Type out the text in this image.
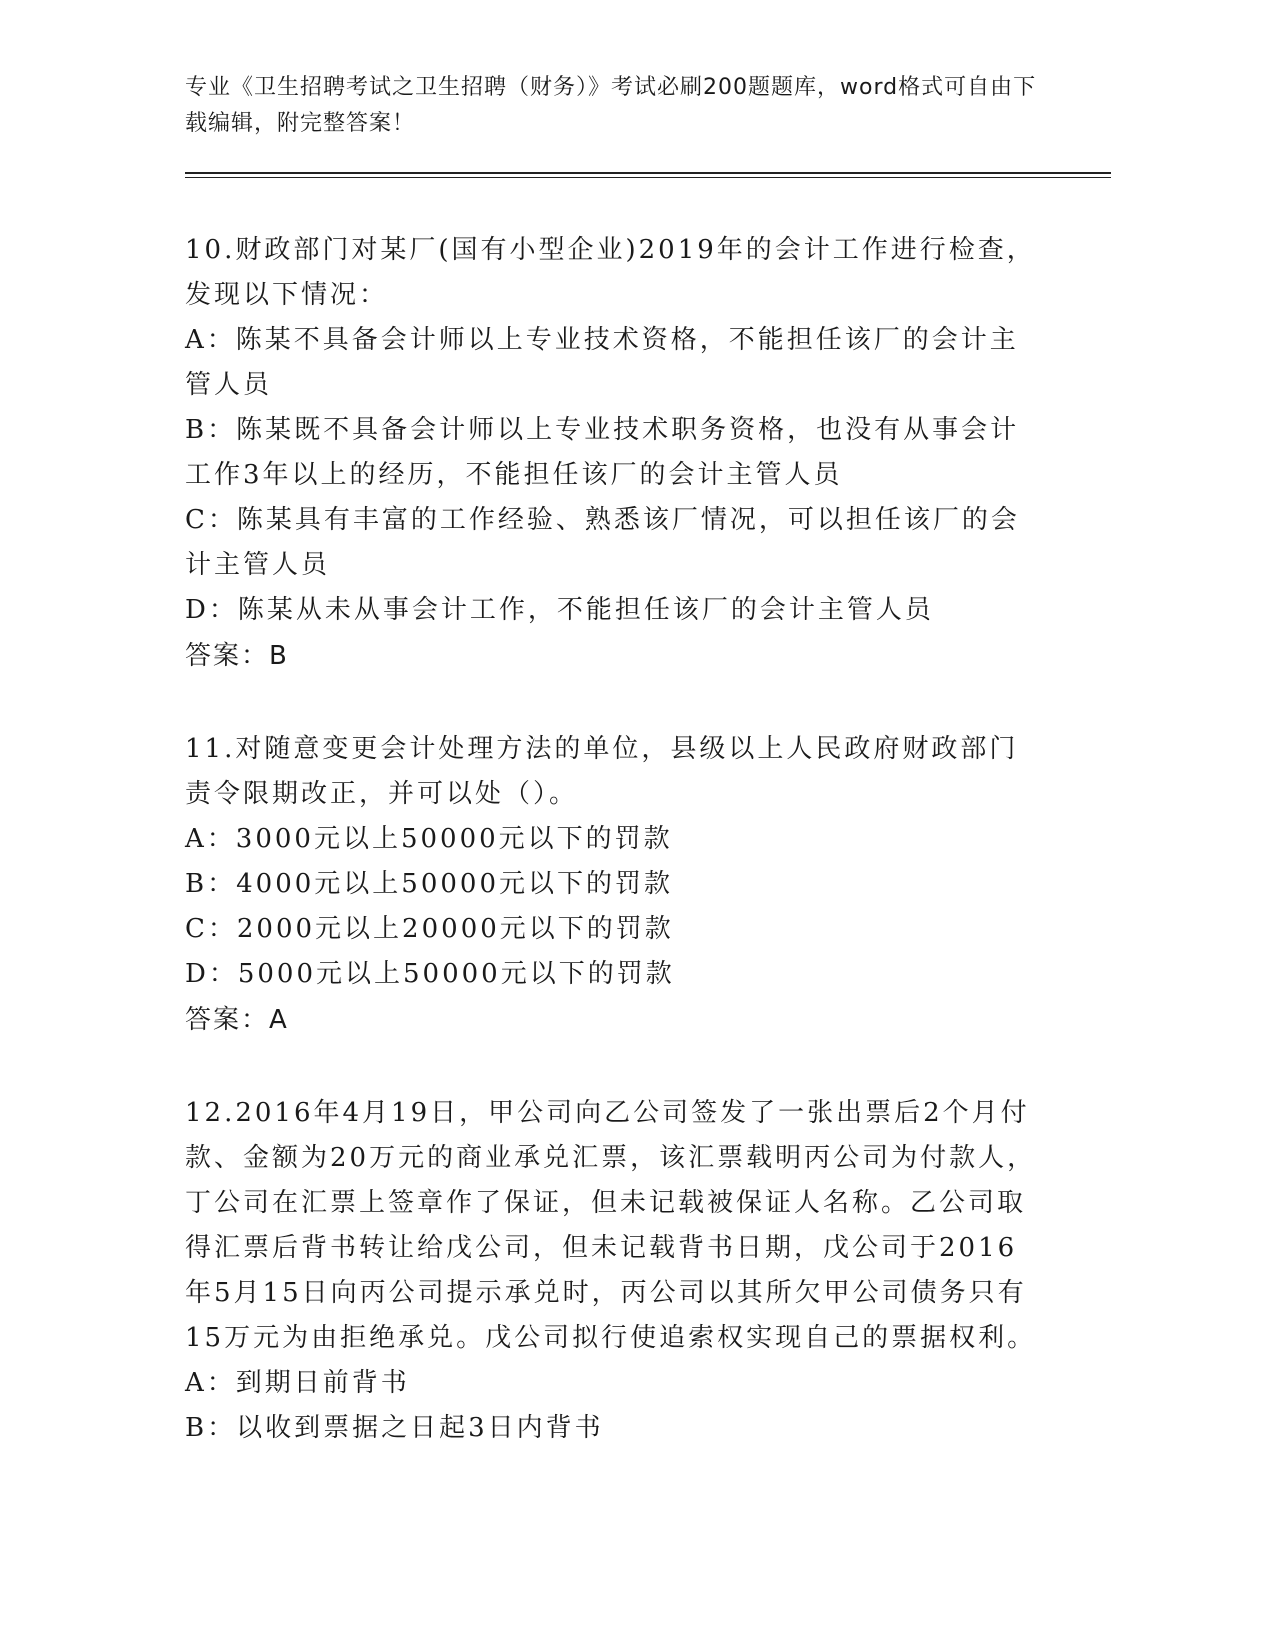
专业《卫生招聘考试之卫生招聘（财务）》考试必刷200题题库，word格式可自由下载编辑，附完整答案！

10.财政部门对某厂(国有小型企业)2019年的会计工作进行检查，发现以下情况：

A：陈某不具备会计师以上专业技术资格，不能担任该厂的会计主管人员

B：陈某既不具备会计师以上专业技术职务资格，也没有从事会计工作3年以上的经历，不能担任该厂的会计主管人员

C：陈某具有丰富的工作经验、熟悉该厂情况，可以担任该厂的会计主管人员

D：陈某从未从事会计工作，不能担任该厂的会计主管人员

答案：B

11.对随意变更会计处理方法的单位，县级以上人民政府财政部门责令限期改正，并可以处（）。

A：3000元以上50000元以下的罚款

B：4000元以上50000元以下的罚款

C：2000元以上20000元以下的罚款

D：5000元以上50000元以下的罚款

答案：A

12.2016年4月19日，甲公司向乙公司签发了一张出票后2个月付款、金额为20万元的商业承兑汇票，该汇票载明丙公司为付款人，丁公司在汇票上签章作了保证，但未记载被保证人名称。乙公司取得汇票后背书转让给戊公司，但未记载背书日期，戊公司于2016年5月15日向丙公司提示承兑时，丙公司以其所欠甲公司债务只有15万元为由拒绝承兑。戊公司拟行使追索权实现自己的票据权利。

A：到期日前背书

B：以收到票据之日起3日内背书
